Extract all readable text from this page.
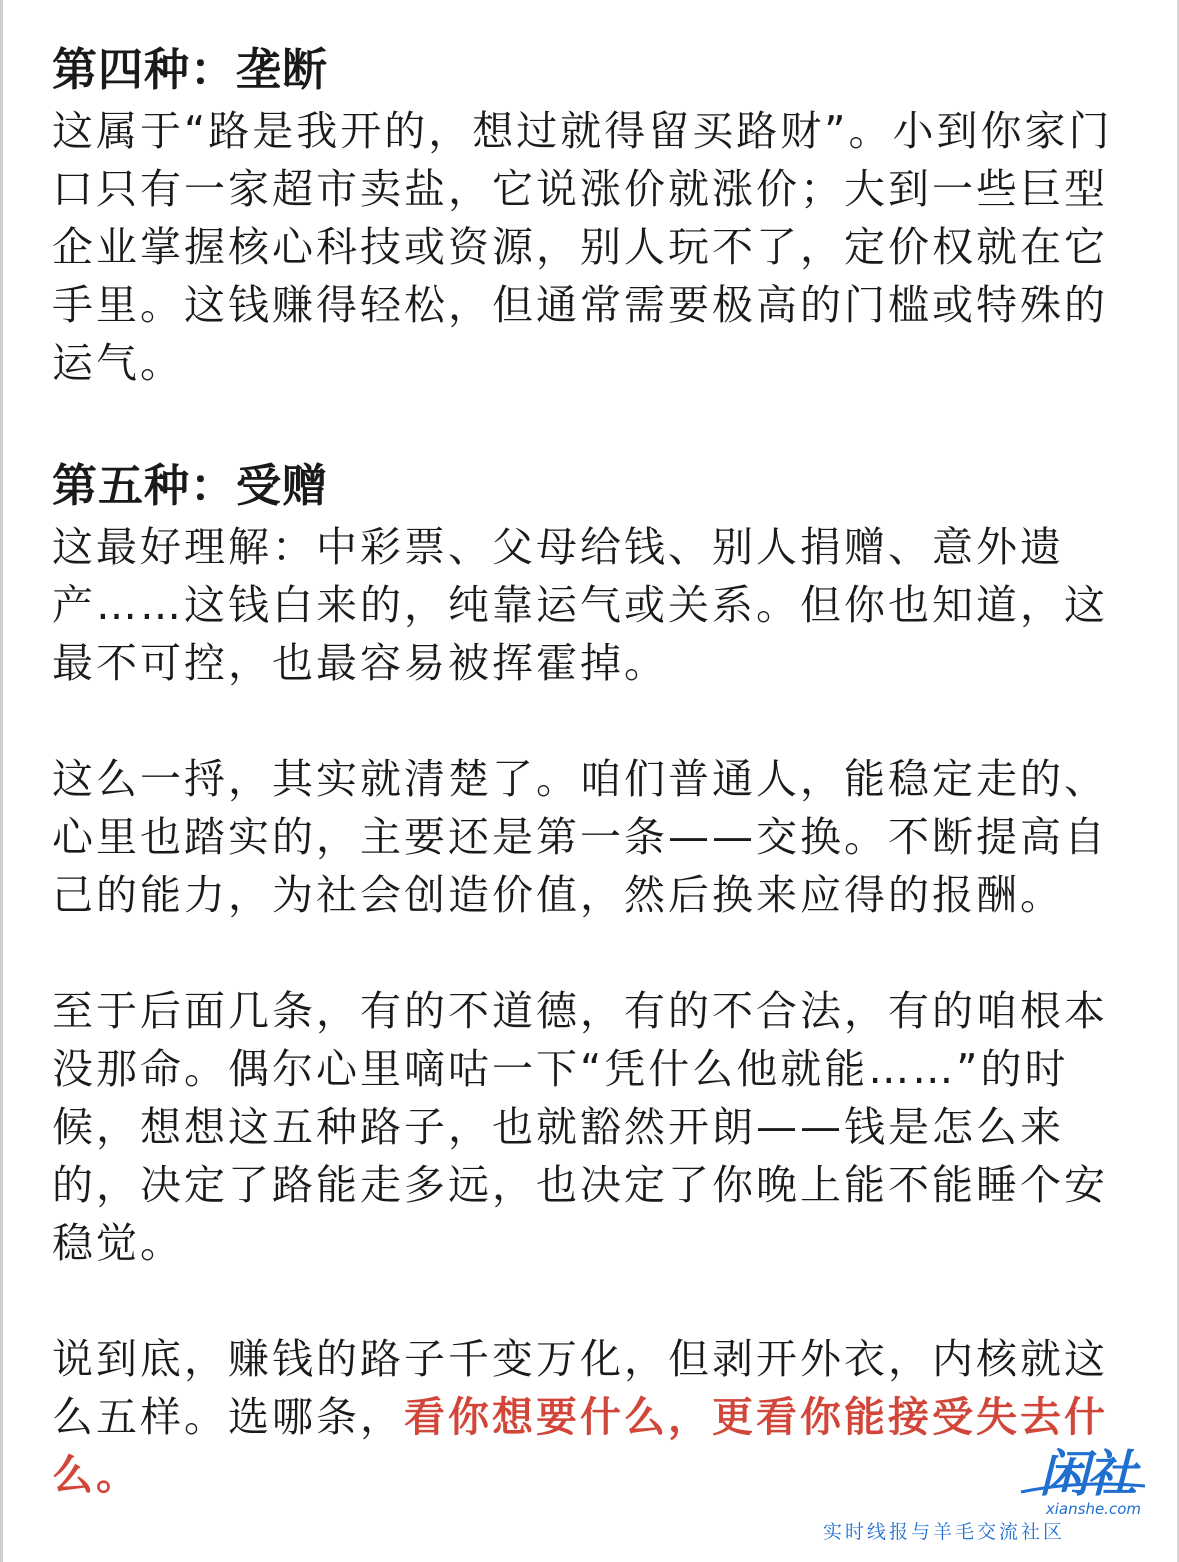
第四种：垄断

这属于“路是我开的，想过就得留买路财”。小到你家门口只有一家超市卖盐，它说涨价就涨价；大到一些巨型企业掌握核心科技或资源，别人玩不了，定价权就在它手里。这钱赚得轻松，但通常需要极高的门槛或特殊的运气。

第五种：受赠

这最好理解：中彩票、父母给钱、别人捐赠、意外遗产……这钱白来的，纯靠运气或关系。但你也知道，这最不可控，也最容易被挥霍掉。

这么一捋，其实就清楚了。咱们普通人，能稳定走的、心里也踏实的，主要还是第一条——交换。不断提高自己的能力，为社会创造价值，然后换来应得的报酬。

至于后面几条，有的不道德，有的不合法，有的咱根本没那命。偶尔心里嘀咕一下“凭什么他就能……”的时候，想想这五种路子，也就豁然开朗——钱是怎么来的，决定了路能走多远，也决定了你晚上能不能睡个安稳觉。

说到底，赚钱的路子千变万化，但剥开外衣，内核就这么五样。选哪条，看你想要什么，更看你能接受失去什么。	闲社
xianshe.com
实时线报与羊毛交流社区
